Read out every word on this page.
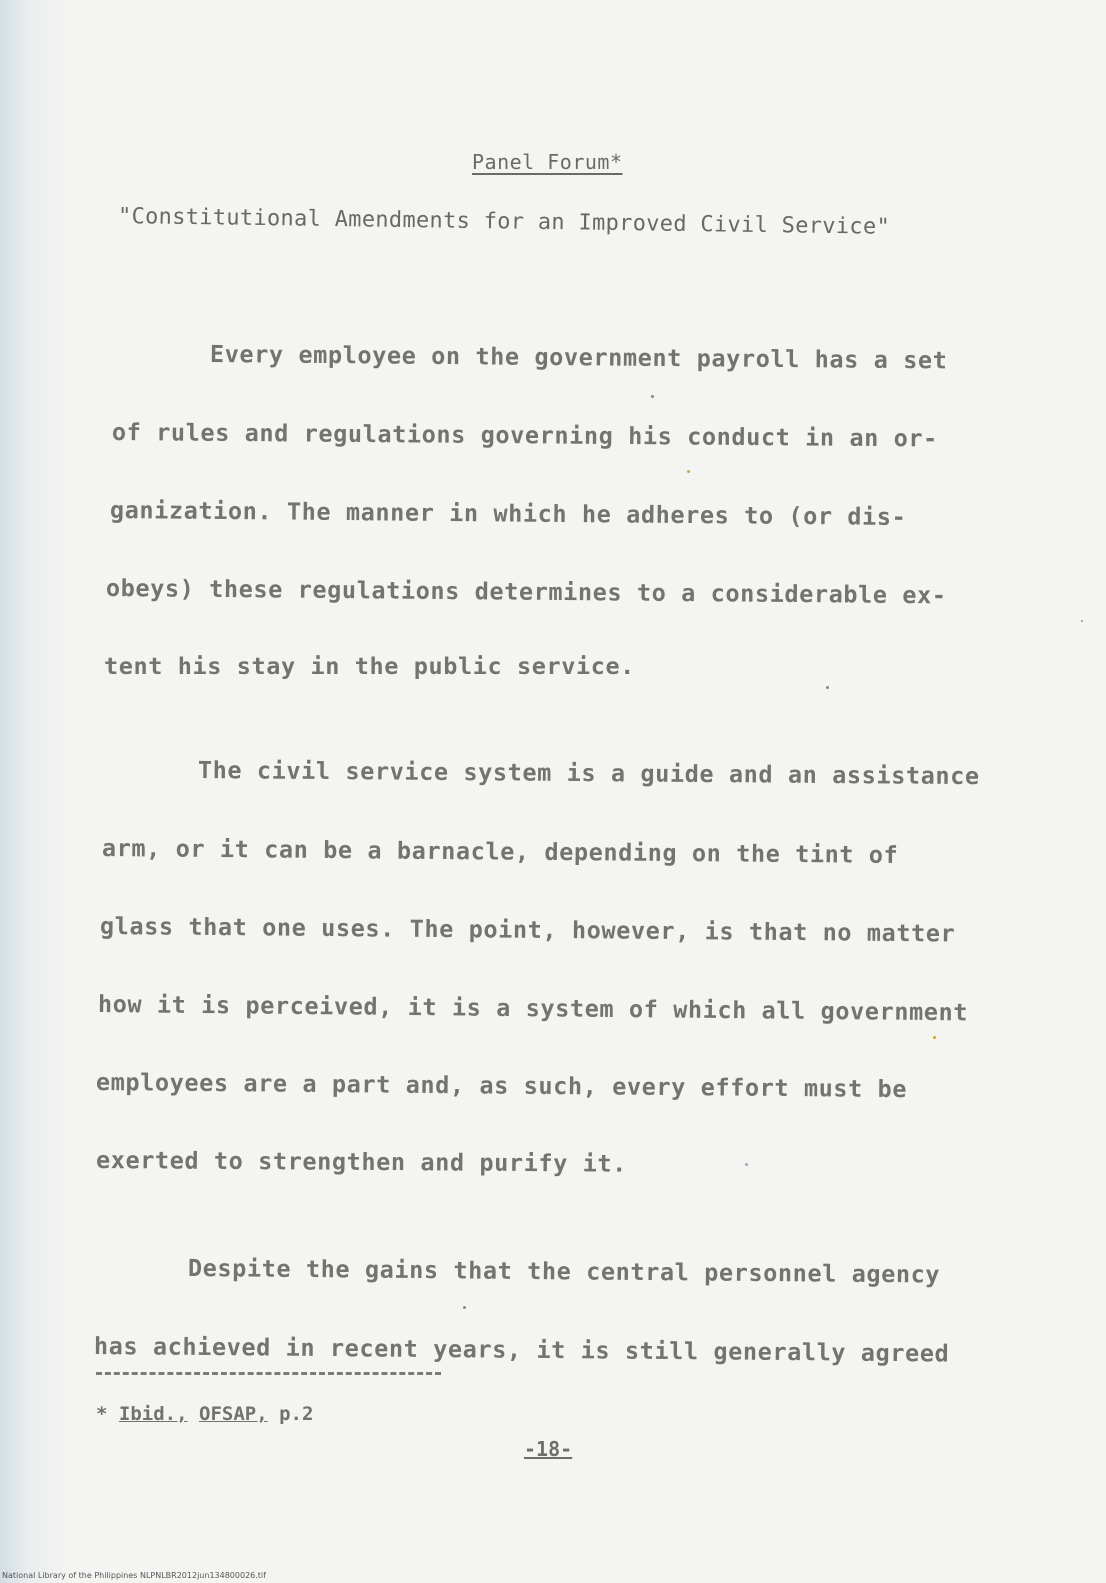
Panel Forum*
"Constitutional Amendments for an Improved Civil Service"
Every employee on the government payroll has a set
of rules and regulations governing his conduct in an or-
ganization. The manner in which he adheres to (or dis-
obeys) these regulations determines to a considerable ex-
tent his stay in the public service.
The civil service system is a guide and an assistance
arm, or it can be a barnacle, depending on the tint of
glass that one uses. The point, however, is that no matter
how it is perceived, it is a system of which all government
employees are a part and, as such, every effort must be
exerted to strengthen and purify it.
Despite the gains that the central personnel agency
has achieved in recent years, it is still generally agreed
* Ibid., OFSAP, p.2
-18-
National Library of the Philippines NLPNLBR2012jun134800026.tif
